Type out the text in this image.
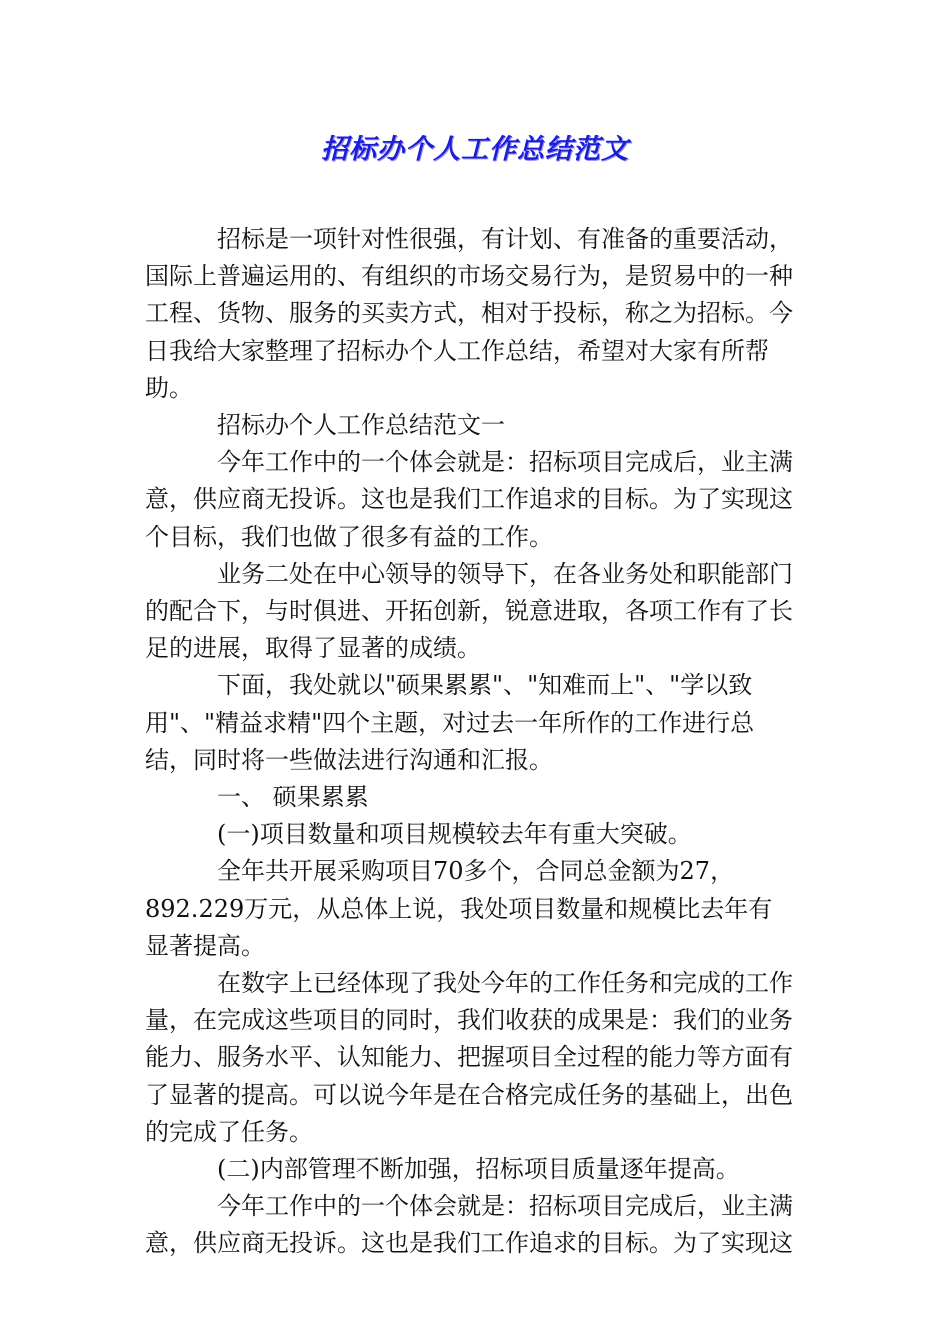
招标办个人工作总结范文

招标是一项针对性很强，有计划、有准备的重要活动，国际上普遍运用的、有组织的市场交易行为，是贸易中的一种工程、货物、服务的买卖方式，相对于投标，称之为招标。今日我给大家整理了招标办个人工作总结，希望对大家有所帮助。

招标办个人工作总结范文一

今年工作中的一个体会就是：招标项目完成后，业主满意，供应商无投诉。这也是我们工作追求的目标。为了实现这个目标，我们也做了很多有益的工作。

业务二处在中心领导的领导下，在各业务处和职能部门的配合下，与时俱进、开拓创新，锐意进取，各项工作有了长足的进展，取得了显著的成绩。

下面，我处就以"硕果累累"、"知难而上"、"学以致用"、"精益求精"四个主题，对过去一年所作的工作进行总结，同时将一些做法进行沟通和汇报。

一、 硕果累累

(一)项目数量和项目规模较去年有重大突破。

全年共开展采购项目70多个，合同总金额为27，892.229万元，从总体上说，我处项目数量和规模比去年有显著提高。

在数字上已经体现了我处今年的工作任务和完成的工作量，在完成这些项目的同时，我们收获的成果是：我们的业务能力、服务水平、认知能力、把握项目全过程的能力等方面有了显著的提高。可以说今年是在合格完成任务的基础上，出色的完成了任务。

(二)内部管理不断加强，招标项目质量逐年提高。

今年工作中的一个体会就是：招标项目完成后，业主满意，供应商无投诉。这也是我们工作追求的目标。为了实现这
